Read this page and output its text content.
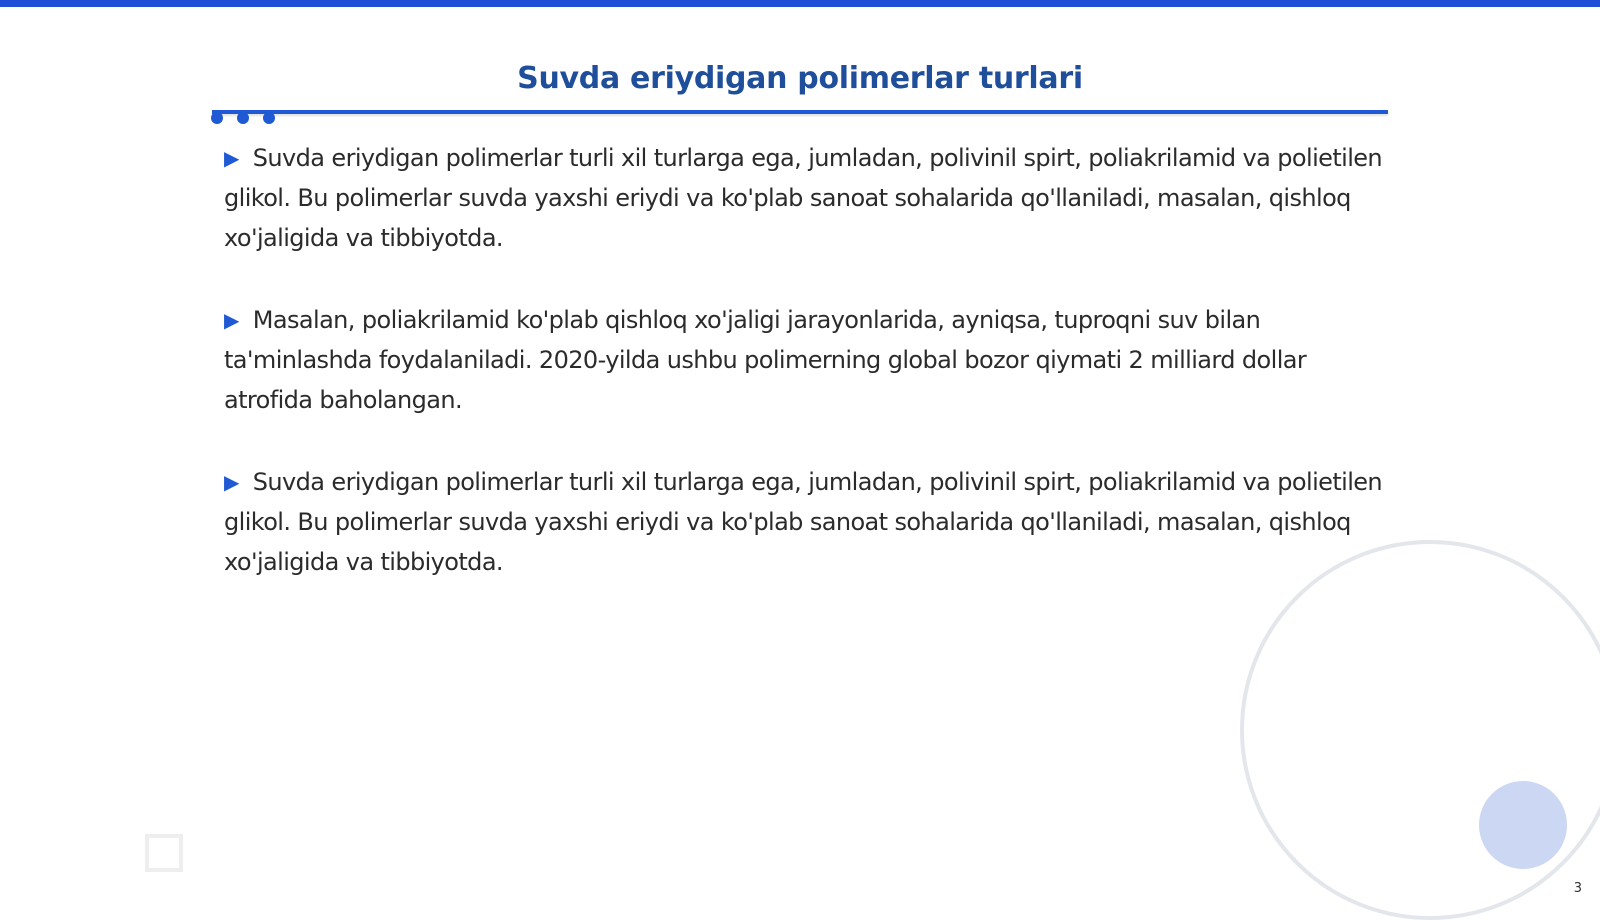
Suvda eriydigan polimerlar turlari

▶ Suvda eriydigan polimerlar turli xil turlarga ega, jumladan, polivinil spirt, poliakrilamid va polietilen glikol. Bu polimerlar suvda yaxshi eriydi va ko'plab sanoat sohalarida qo'llaniladi, masalan, qishloq xo'jaligida va tibbiyotda.

▶ Masalan, poliakrilamid ko'plab qishloq xo'jaligi jarayonlarida, ayniqsa, tuproqni suv bilan ta'minlashda foydalaniladi. 2020-yilda ushbu polimerning global bozor qiymati 2 milliard dollar atrofida baholangan.

▶ Suvda eriydigan polimerlar turli xil turlarga ega, jumladan, polivinil spirt, poliakrilamid va polietilen glikol. Bu polimerlar suvda yaxshi eriydi va ko'plab sanoat sohalarida qo'llaniladi, masalan, qishloq xo'jaligida va tibbiyotda.

3
